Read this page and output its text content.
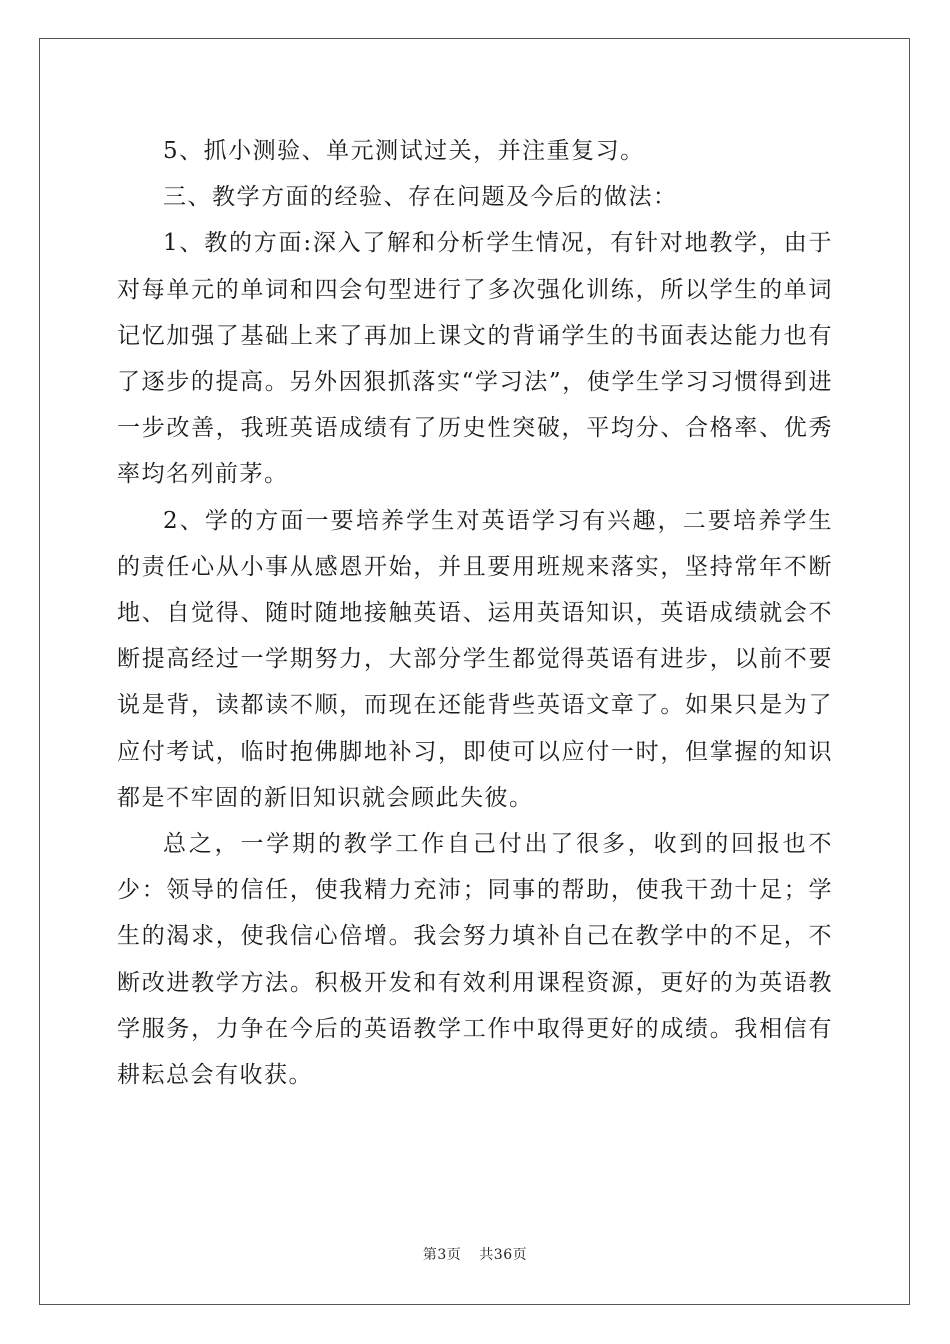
5、抓小测验、单元测试过关，并注重复习。

三、教学方面的经验、存在问题及今后的做法：

1、教的方面:深入了解和分析学生情况，有针对地教学，由于对每单元的单词和四会句型进行了多次强化训练，所以学生的单词记忆加强了基础上来了再加上课文的背诵学生的书面表达能力也有了逐步的提高。另外因狠抓落实“学习法”，使学生学习习惯得到进一步改善，我班英语成绩有了历史性突破，平均分、合格率、优秀率均名列前茅。

2、学的方面一要培养学生对英语学习有兴趣，二要培养学生的责任心从小事从感恩开始，并且要用班规来落实，坚持常年不断地、自觉得、随时随地接触英语、运用英语知识，英语成绩就会不断提高经过一学期努力，大部分学生都觉得英语有进步，以前不要说是背，读都读不顺，而现在还能背些英语文章了。如果只是为了应付考试，临时抱佛脚地补习，即使可以应付一时，但掌握的知识都是不牢固的新旧知识就会顾此失彼。

总之，一学期的教学工作自己付出了很多，收到的回报也不少：领导的信任，使我精力充沛；同事的帮助，使我干劲十足；学生的渴求，使我信心倍增。我会努力填补自己在教学中的不足，不断改进教学方法。积极开发和有效利用课程资源，更好的为英语教学服务，力争在今后的英语教学工作中取得更好的成绩。我相信有耕耘总会有收获。

第3页 共36页
